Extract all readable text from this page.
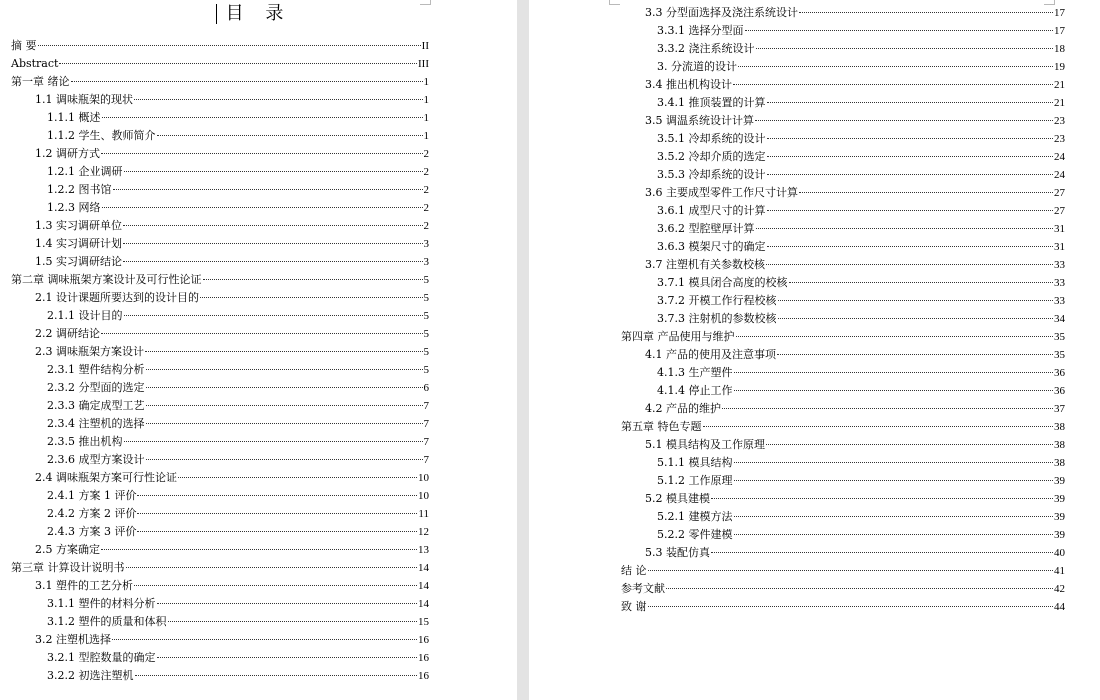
目 录
摘 要	II
Abstract	III
第一章 绪论	1
1.1 调味瓶架的现状	1
1.1.1 概述	1
1.1.2 学生、教师简介	1
1.2 调研方式	2
1.2.1 企业调研	2
1.2.2 图书馆	2
1.2.3 网络	2
1.3 实习调研单位	2
1.4 实习调研计划	3
1.5 实习调研结论	3
第二章 调味瓶架方案设计及可行性论证	5
2.1 设计课题所要达到的设计目的	5
2.1.1 设计目的	5
2.2 调研结论	5
2.3 调味瓶架方案设计	5
2.3.1 塑件结构分析	5
2.3.2 分型面的选定	6
2.3.3 确定成型工艺	7
2.3.4 注塑机的选择	7
2.3.5 推出机构	7
2.3.6 成型方案设计	7
2.4 调味瓶架方案可行性论证	10
2.4.1 方案 1 评价	10
2.4.2 方案 2 评价	11
2.4.3 方案 3 评价	12
2.5 方案确定	13
第三章 计算设计说明书	14
3.1 塑件的工艺分析	14
3.1.1 塑件的材料分析	14
3.1.2 塑件的质量和体积	15
3.2 注塑机选择	16
3.2.1 型腔数量的确定	16
3.2.2 初选注塑机	16
3.3 分型面选择及浇注系统设计	17
3.3.1 选择分型面	17
3.3.2 浇注系统设计	18
3. 分流道的设计	19
3.4 推出机构设计	21
3.4.1 推顶装置的计算	21
3.5 调温系统设计计算	23
3.5.1 冷却系统的设计	23
3.5.2 冷却介质的选定	24
3.5.3 冷却系统的设计	24
3.6 主要成型零件工作尺寸计算	27
3.6.1 成型尺寸的计算	27
3.6.2 型腔壁厚计算	31
3.6.3 模架尺寸的确定	31
3.7 注塑机有关参数校核	33
3.7.1 模具闭合高度的校核	33
3.7.2 开模工作行程校核	33
3.7.3 注射机的参数校核	34
第四章 产品使用与维护	35
4.1 产品的使用及注意事项	35
4.1.3 生产塑件	36
4.1.4 停止工作	36
4.2 产品的维护	37
第五章 特色专题	38
5.1 模具结构及工作原理	38
5.1.1 模具结构	38
5.1.2 工作原理	39
5.2 模具建模	39
5.2.1 建模方法	39
5.2.2 零件建模	39
5.3 装配仿真	40
结 论	41
参考文献	42
致 谢	44
